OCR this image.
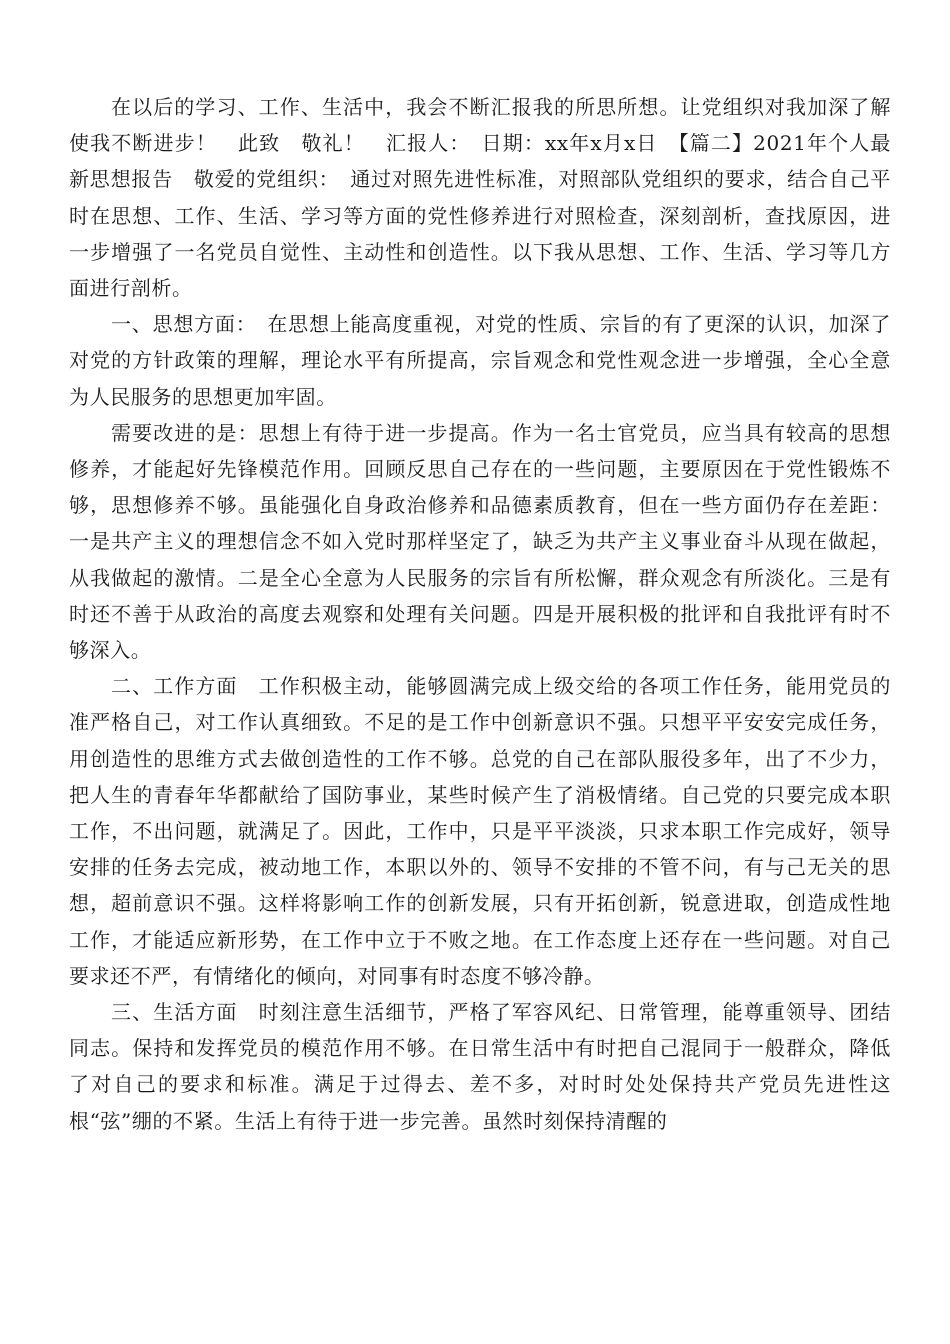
在以后的学习、工作、生活中，我会不断汇报我的所思所想。让党组织对我加深了解使我不断进步！　此致　敬礼！　汇报人：　日期：xx年x月x日　【篇二】2021年个人最新思想报告　敬爱的党组织：　通过对照先进性标准，对照部队党组织的要求，结合自己平时在思想、工作、生活、学习等方面的党性修养进行对照检查，深刻剖析，查找原因，进一步增强了一名党员自觉性、主动性和创造性。以下我从思想、工作、生活、学习等几方面进行剖析。

一、思想方面：　在思想上能高度重视，对党的性质、宗旨的有了更深的认识，加深了对党的方针政策的理解，理论水平有所提高，宗旨观念和党性观念进一步增强，全心全意为人民服务的思想更加牢固。

需要改进的是：思想上有待于进一步提高。作为一名士官党员，应当具有较高的思想修养，才能起好先锋模范作用。回顾反思自己存在的一些问题，主要原因在于党性锻炼不够，思想修养不够。虽能强化自身政治修养和品德素质教育，但在一些方面仍存在差距：一是共产主义的理想信念不如入党时那样坚定了，缺乏为共产主义事业奋斗从现在做起，从我做起的激情。二是全心全意为人民服务的宗旨有所松懈，群众观念有所淡化。三是有时还不善于从政治的高度去观察和处理有关问题。四是开展积极的批评和自我批评有时不够深入。

二、工作方面　工作积极主动，能够圆满完成上级交给的各项工作任务，能用党员的准严格自己，对工作认真细致。不足的是工作中创新意识不强。只想平平安安完成任务，用创造性的思维方式去做创造性的工作不够。总党的自己在部队服役多年，出了不少力，把人生的青春年华都献给了国防事业，某些时候产生了消极情绪。自己党的只要完成本职工作，不出问题，就满足了。因此，工作中，只是平平淡淡，只求本职工作完成好，领导安排的任务去完成，被动地工作，本职以外的、领导不安排的不管不问，有与己无关的思想，超前意识不强。这样将影响工作的创新发展，只有开拓创新，锐意进取，创造成性地工作，才能适应新形势，在工作中立于不败之地。在工作态度上还存在一些问题。对自己要求还不严，有情绪化的倾向，对同事有时态度不够冷静。

三、生活方面　时刻注意生活细节，严格了军容风纪、日常管理，能尊重领导、团结同志。保持和发挥党员的模范作用不够。在日常生活中有时把自己混同于一般群众，降低了对自己的要求和标准。满足于过得去、差不多，对时时处处保持共产党员先进性这根“弦”绷的不紧。生活上有待于进一步完善。虽然时刻保持清醒的
